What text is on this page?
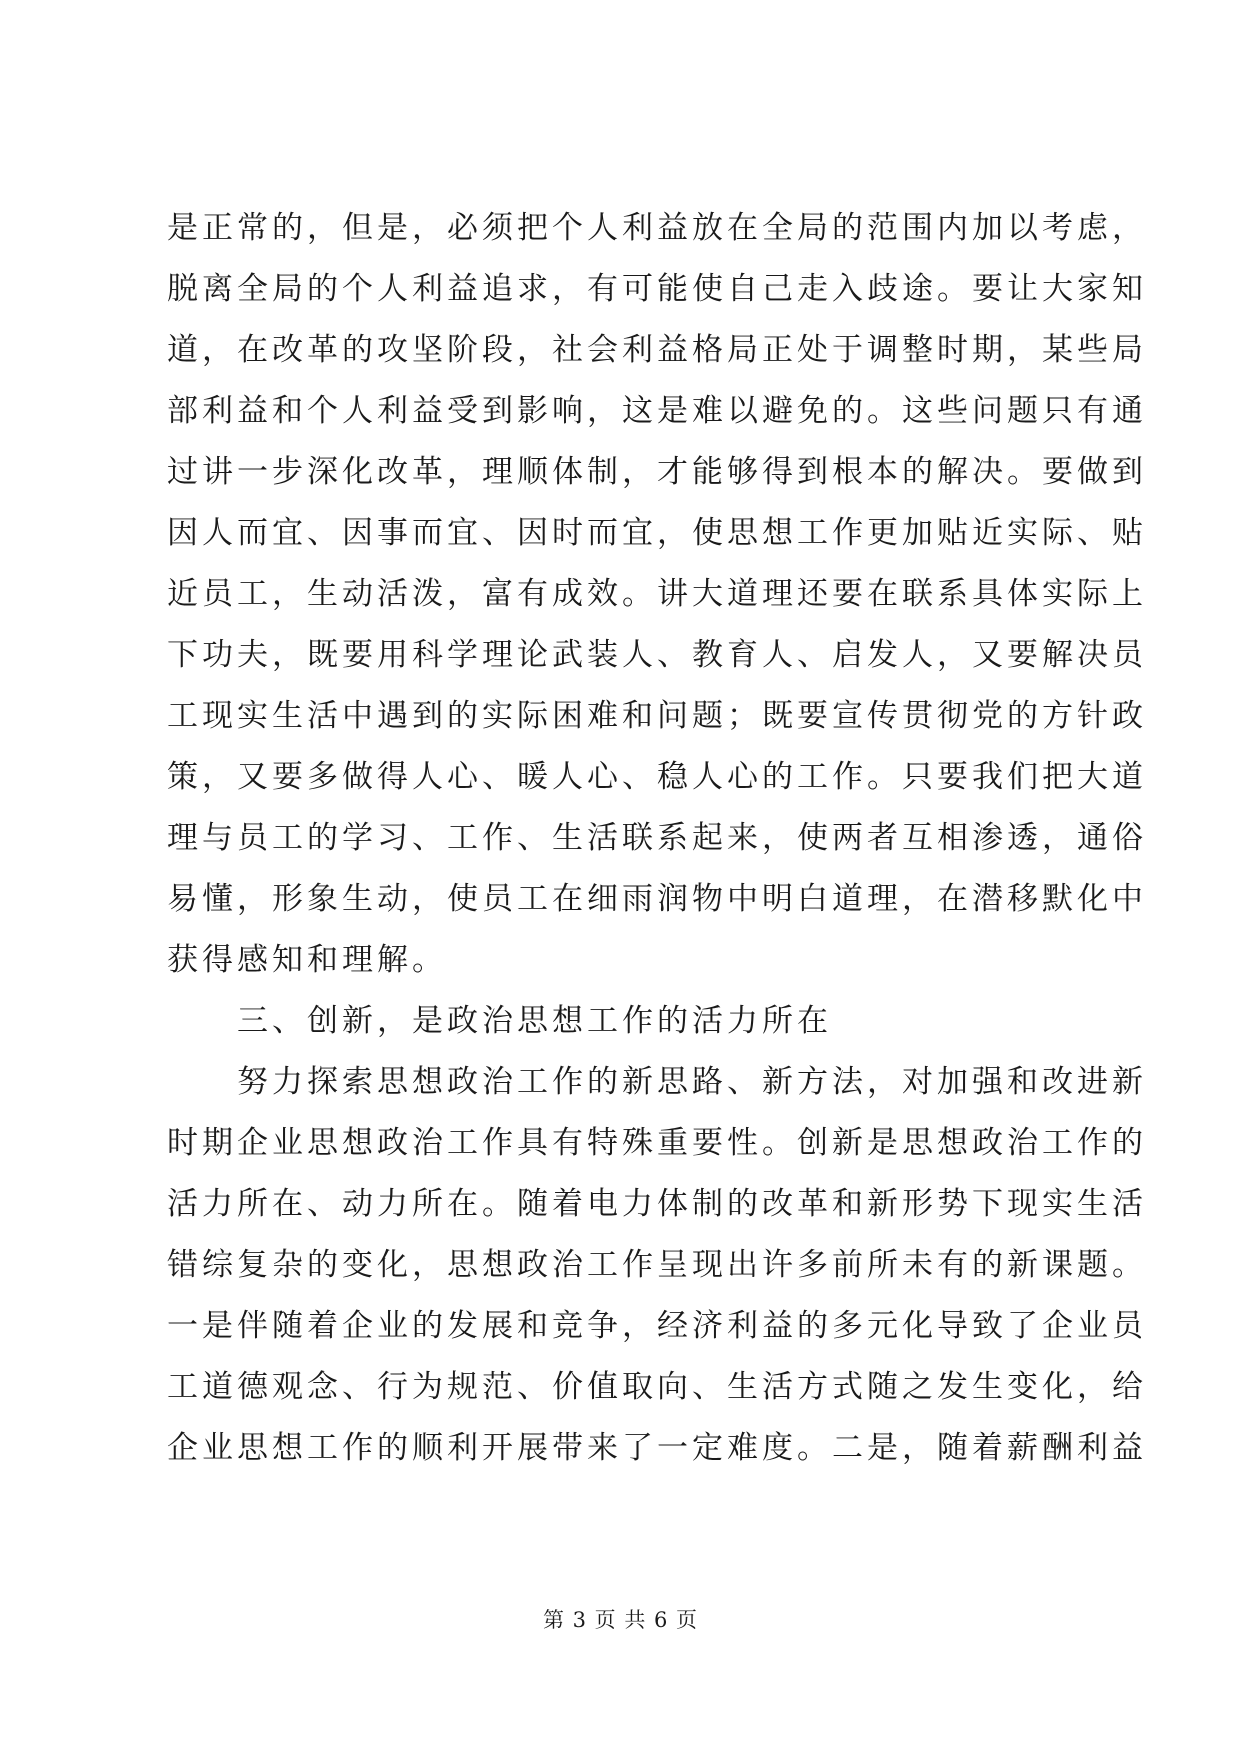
是正常的，但是，必须把个人利益放在全局的范围内加以考虑，
脱离全局的个人利益追求，有可能使自己走入歧途。要让大家知
道，在改革的攻坚阶段，社会利益格局正处于调整时期，某些局
部利益和个人利益受到影响，这是难以避免的。这些问题只有通
过讲一步深化改革，理顺体制，才能够得到根本的解决。要做到
因人而宜、因事而宜、因时而宜，使思想工作更加贴近实际、贴
近员工，生动活泼，富有成效。讲大道理还要在联系具体实际上
下功夫，既要用科学理论武装人、教育人、启发人，又要解决员
工现实生活中遇到的实际困难和问题；既要宣传贯彻党的方针政
策，又要多做得人心、暖人心、稳人心的工作。只要我们把大道
理与员工的学习、工作、生活联系起来，使两者互相渗透，通俗
易懂，形象生动，使员工在细雨润物中明白道理，在潜移默化中
获得感知和理解。
　　三、创新，是政治思想工作的活力所在
　　努力探索思想政治工作的新思路、新方法，对加强和改进新
时期企业思想政治工作具有特殊重要性。创新是思想政治工作的
活力所在、动力所在。随着电力体制的改革和新形势下现实生活
错综复杂的变化，思想政治工作呈现出许多前所未有的新课题。
一是伴随着企业的发展和竞争，经济利益的多元化导致了企业员
工道德观念、行为规范、价值取向、生活方式随之发生变化，给
企业思想工作的顺利开展带来了一定难度。二是，随着薪酬利益
第 3 页 共 6 页
